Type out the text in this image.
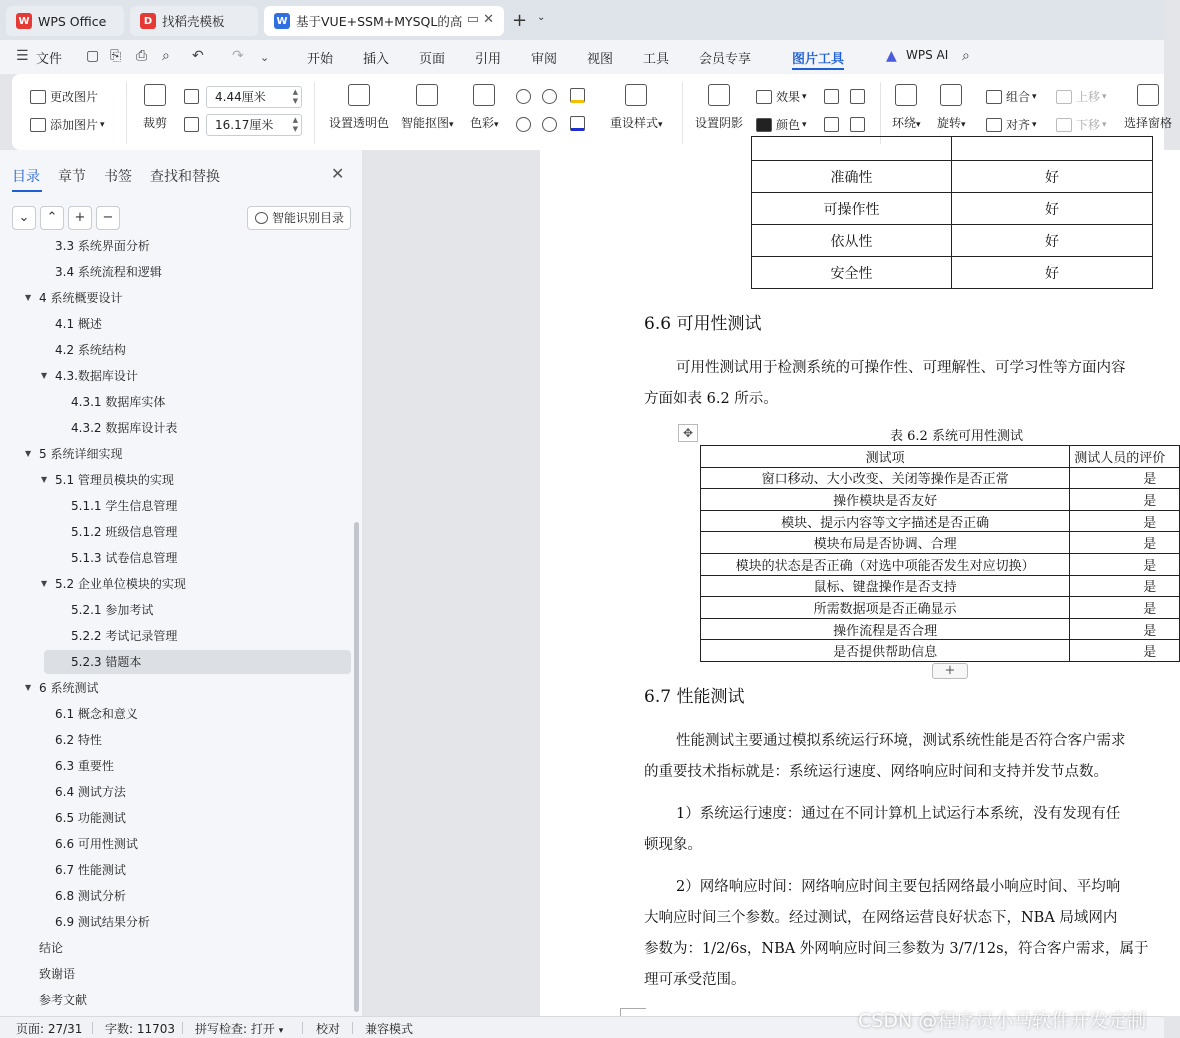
W WPS Office	D 找稻壳模板	W 基于VUE+SSM+MYSQL的高 ▭ ✕ + ⌄
☰ 文件 ▢ ⎘ ⎙ ⌕ ↶ ↷ ⌄	开始 插入 页面 引用 审阅 视图 工具 会员专享	图片工具	▲ WPS AI ⌕
更改图片
添加图片 ▾	裁剪
4.44厘米	▲
▼
16.17厘米	▲
▼	设置透明色 智能抠图▾ 色彩▾	重设样式▾	设置阴影
效果 ▾
颜色 ▾	环绕▾ 旋转▾
组合 ▾
对齐 ▾
上移 ▾
下移 ▾ 选择窗格
目录 章节 书签 查找和替换	✕
⌄	⌃	+	−	智能识别目录
3.3 系统界面分析
3.4 系统流程和逻辑
▼ 4 系统概要设计
4.1 概述
4.2 系统结构
▼ 4.3.数据库设计
4.3.1 数据库实体
4.3.2 数据库设计表
▼ 5 系统详细实现
▼ 5.1 管理员模块的实现
5.1.1 学生信息管理
5.1.2 班级信息管理
5.1.3 试卷信息管理
▼ 5.2 企业单位模块的实现
5.2.1 参加考试
5.2.2 考试记录管理
5.2.3 错题本
▼ 6 系统测试
6.1 概念和意义
6.2 特性
6.3 重要性
6.4 测试方法
6.5 功能测试
6.6 可用性测试
6.7 性能测试
6.8 测试分析
6.9 测试结果分析
结论
致谢语
参考文献

准确性	好
可操作性	好
依从性	好
安全性	好
6.6 可用性测试
可用性测试用于检测系统的可操作性、可理解性、可学习性等方面内容
方面如表 6.2 所示。
✥	表 6.2 系统可用性测试
测试项	测试人员的评价
窗口移动、大小改变、关闭等操作是否正常	是
操作模块是否友好	是
模块、提示内容等文字描述是否正确	是
模块布局是否协调、合理	是
模块的状态是否正确（对选中项能否发生对应切换）	是
鼠标、键盘操作是否支持	是
所需数据项是否正确显示	是
操作流程是否合理	是
是否提供帮助信息	是
+
6.7 性能测试
性能测试主要通过模拟系统运行环境，测试系统性能是否符合客户需求
的重要技术指标就是：系统运行速度、网络响应时间和支持并发节点数。
1）系统运行速度：通过在不同计算机上试运行本系统，没有发现有任
顿现象。
2）网络响应时间：网络响应时间主要包括网络最小响应时间、平均响
大响应时间三个参数。经过测试，在网络运营良好状态下，NBA 局域网内
参数为：1/2/6s，NBA 外网响应时间三参数为 3/7/12s，符合客户需求，属于
理可承受范围。
页面: 27/31 字数: 11703 拼写检查: 打开 ▾	校对 兼容模式	CSDN @程序员小马软件开发定制
